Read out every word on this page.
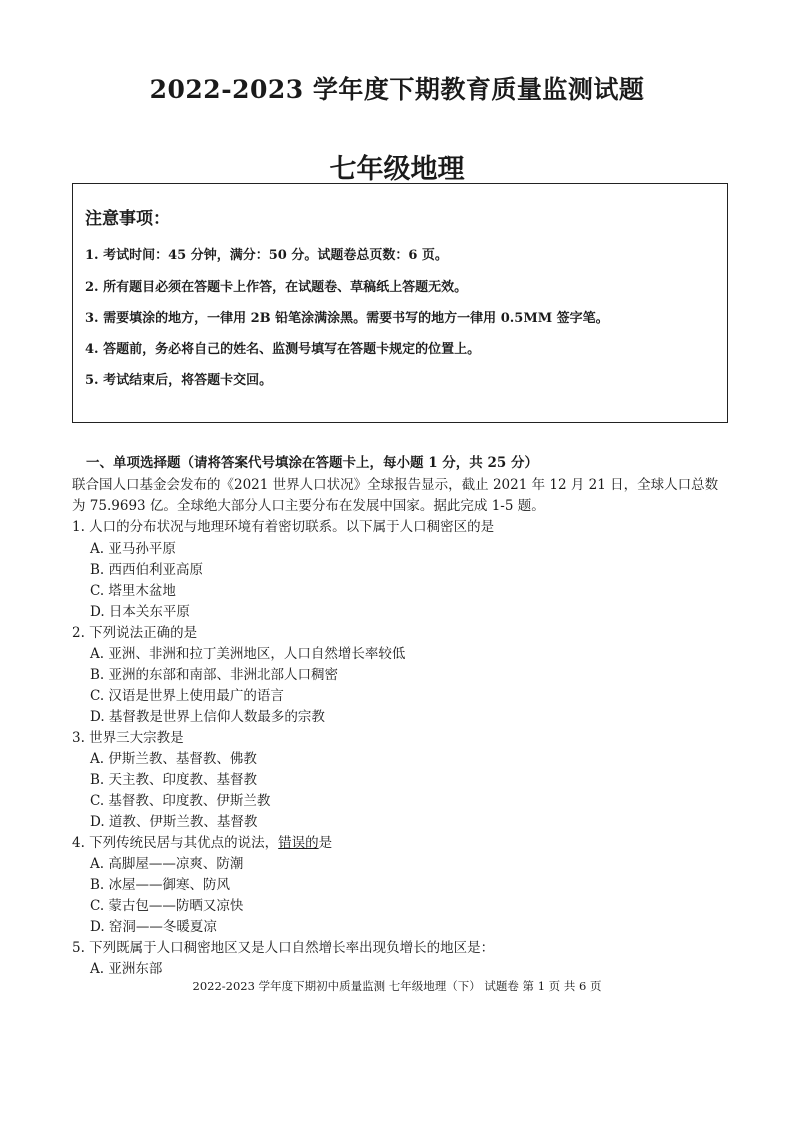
2022-2023 学年度下期教育质量监测试题
七年级地理
注意事项：
1. 考试时间：45 分钟，满分：50 分。试题卷总页数：6 页。
2. 所有题目必须在答题卡上作答，在试题卷、草稿纸上答题无效。
3. 需要填涂的地方，一律用 2B 铅笔涂满涂黑。需要书写的地方一律用 0.5MM 签字笔。
4. 答题前，务必将自己的姓名、监测号填写在答题卡规定的位置上。
5. 考试结束后，将答题卡交回。
一、单项选择题（请将答案代号填涂在答题卡上，每小题 1 分，共 25 分）
联合国人口基金会发布的《2021 世界人口状况》全球报告显示，截止 2021 年 12 月 21 日，全球人口总数
为 75.9693 亿。全球绝大部分人口主要分布在发展中国家。据此完成 1-5 题。
1. 人口的分布状况与地理环境有着密切联系。以下属于人口稠密区的是
A. 亚马孙平原
B. 西西伯利亚高原
C. 塔里木盆地
D. 日本关东平原
2. 下列说法正确的是
A. 亚洲、非洲和拉丁美洲地区，人口自然增长率较低
B. 亚洲的东部和南部、非洲北部人口稠密
C. 汉语是世界上使用最广的语言
D. 基督教是世界上信仰人数最多的宗教
3. 世界三大宗教是
A. 伊斯兰教、基督教、佛教
B. 天主教、印度教、基督教
C. 基督教、印度教、伊斯兰教
D. 道教、伊斯兰教、基督教
4. 下列传统民居与其优点的说法，错误的是
A. 高脚屋——凉爽、防潮
B. 冰屋——御寒、防风
C. 蒙古包——防晒又凉快
D. 窑洞——冬暖夏凉
5. 下列既属于人口稠密地区又是人口自然增长率出现负增长的地区是：
A. 亚洲东部
2022-2023 学年度下期初中质量监测 七年级地理（下） 试题卷 第 1 页 共 6 页
